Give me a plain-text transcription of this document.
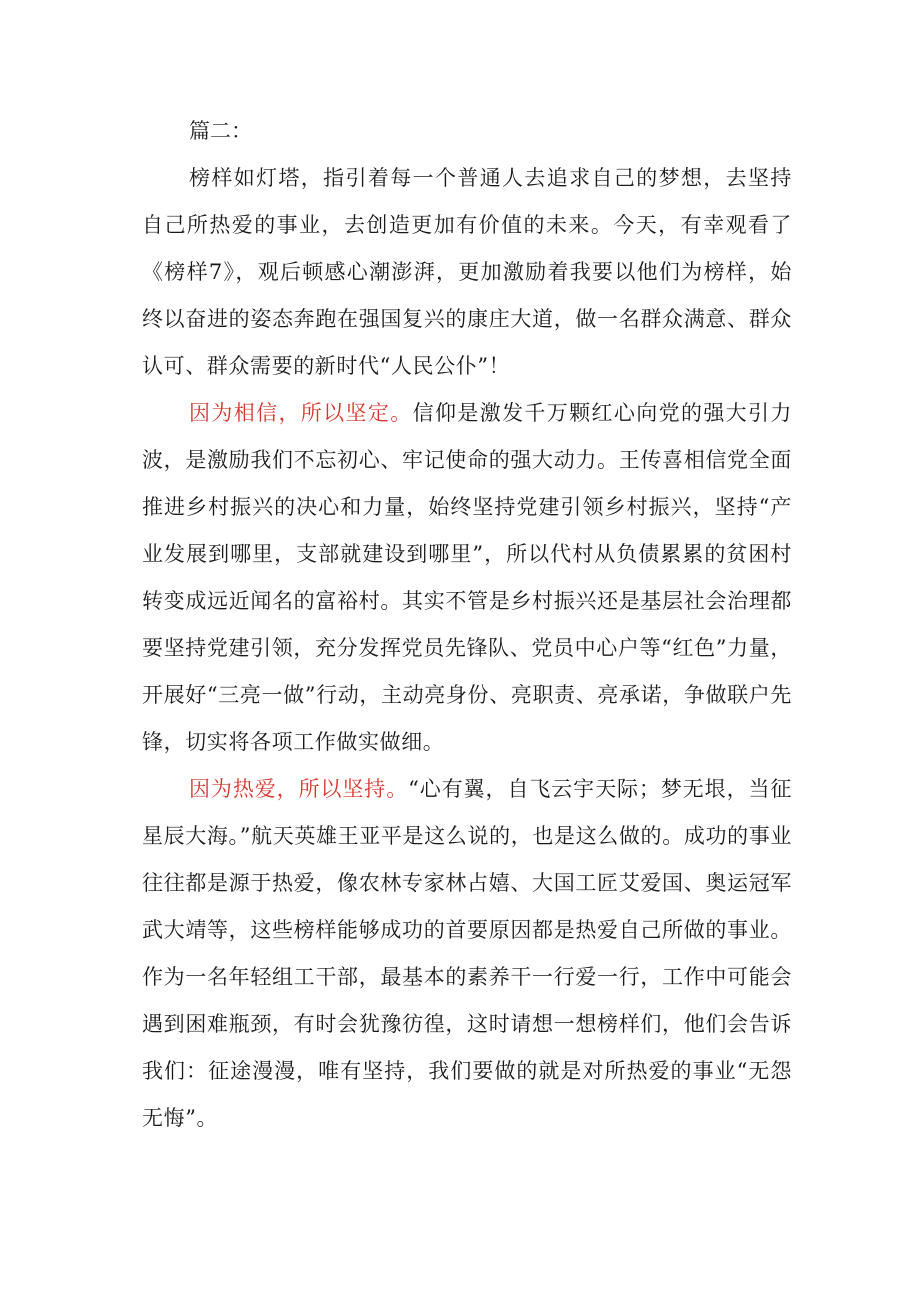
篇二：

榜样如灯塔，指引着每一个普通人去追求自己的梦想，去坚持自己所热爱的事业，去创造更加有价值的未来。今天，有幸观看了《榜样7》，观后顿感心潮澎湃，更加激励着我要以他们为榜样，始终以奋进的姿态奔跑在强国复兴的康庄大道，做一名群众满意、群众认可、群众需要的新时代“人民公仆”！

因为相信，所以坚定。信仰是激发千万颗红心向党的强大引力波，是激励我们不忘初心、牢记使命的强大动力。王传喜相信党全面推进乡村振兴的决心和力量，始终坚持党建引领乡村振兴，坚持“产业发展到哪里，支部就建设到哪里”，所以代村从负债累累的贫困村转变成远近闻名的富裕村。其实不管是乡村振兴还是基层社会治理都要坚持党建引领，充分发挥党员先锋队、党员中心户等“红色”力量，开展好“三亮一做”行动，主动亮身份、亮职责、亮承诺，争做联户先锋，切实将各项工作做实做细。

因为热爱，所以坚持。“心有翼，自飞云宇天际；梦无垠，当征星辰大海。”航天英雄王亚平是这么说的，也是这么做的。成功的事业往往都是源于热爱，像农林专家林占嬉、大国工匠艾爱国、奥运冠军武大靖等，这些榜样能够成功的首要原因都是热爱自己所做的事业。作为一名年轻组工干部，最基本的素养干一行爱一行，工作中可能会遇到困难瓶颈，有时会犹豫彷徨，这时请想一想榜样们，他们会告诉我们：征途漫漫，唯有坚持，我们要做的就是对所热爱的事业“无怨无悔”。
